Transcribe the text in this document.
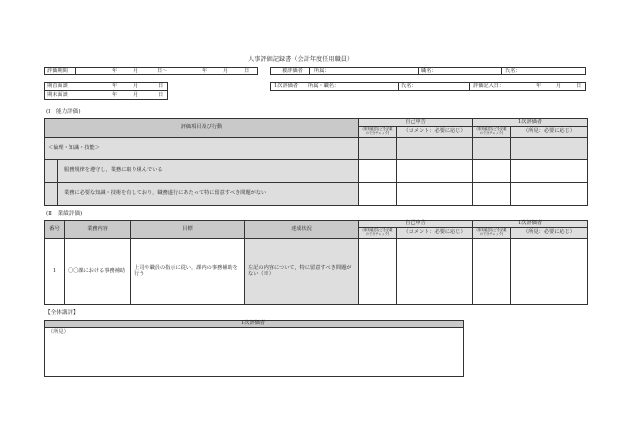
人事評価記録書（会計年度任用職員）
評価期間	年	月	日～	年	月	日	被評価者 所属：	職名：	氏名：
期首面談	年	月	日
期末面談	年	月	日
1次評価者 所属・職名：	氏名：	評価記入日：	年	月	日
(Ⅰ　能力評価)
評価項目及び行動	自己申告		1次評価者	
	(事実確認などを記載
ので分チェック)	（コメント：必要に応じ）	(事実確認などを記載
ので分チェック)	（所見：必要に応じ）
＜倫理・知識・技能＞				

服務規律を遵守し，業務に取り組んでいる				

業務に必要な知識・技術を有しており，職務遂行にあたって特に留意すべき問題がない				

(Ⅱ　業績評価)
番号	業務内容	目標	達成状況	自己申告		1次評価者	
				(事実確認などを記載
ので分チェック)	（コメント：必要に応じ）	(事実確認などを記載
ので分チェック)	（所見：必要に応じ）
1	〇〇課における事務補助	上司や職員の指示に従い，課内の事務補助を行う	左記の内容について，特に留意すべき問題がない（※）				
【全体講評】
1次評価者
（所見）
